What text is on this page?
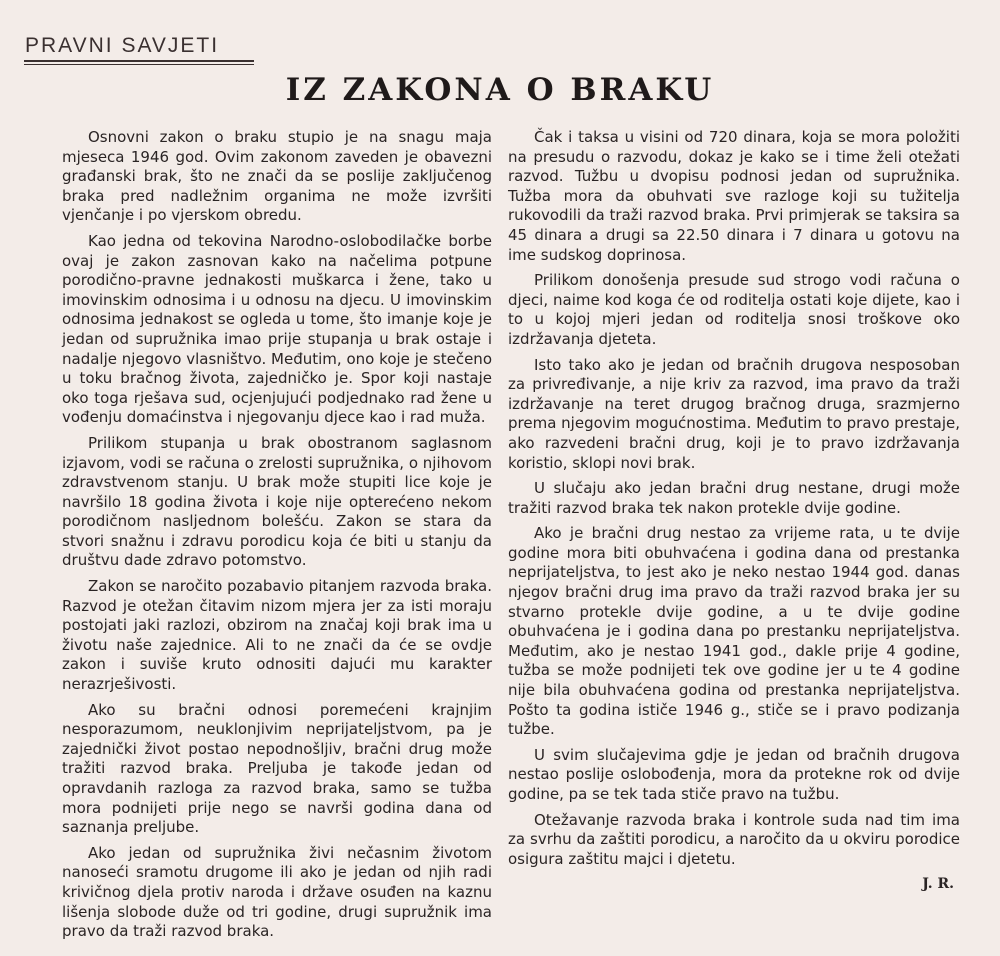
PRAVNI SAVJETI
IZ ZAKONA O BRAKU

Osnovni zakon o braku stupio je na snagu maja mjeseca 1946 god. Ovim zakonom zaveden je obavezni građanski brak, što ne znači da se poslije zaključenog braka pred nadležnim organima ne može izvršiti vjenčanje i po vjerskom obredu.

Kao jedna od tekovina Narodno-oslobodilačke borbe ovaj je zakon zasnovan kako na načelima potpune porodično-pravne jednakosti muškarca i žene, tako u imovinskim odnosima i u odnosu na djecu. U imovinskim odnosima jednakost se ogleda u tome, što imanje koje je jedan od supružnika imao prije stupanja u brak ostaje i nadalje njegovo vlasništvo. Međutim, ono koje je stečeno u toku bračnog života, zajedničko je. Spor koji nastaje oko toga rješava sud, ocjenjujući podjednako rad žene u vođenju domaćinstva i njegovanju djece kao i rad muža.

Prilikom stupanja u brak obostranom saglasnom izjavom, vodi se računa o zrelosti supružnika, o njihovom zdravstvenom stanju. U brak može stupiti lice koje je navršilo 18 godina života i koje nije opterećeno nekom porodičnom nasljednom bolešću. Zakon se stara da stvori snažnu i zdravu porodicu koja će biti u stanju da društvu dade zdravo potomstvo.

Zakon se naročito pozabavio pitanjem razvoda braka. Razvod je otežan čitavim nizom mjera jer za isti moraju postojati jaki razlozi, obzirom na značaj koji brak ima u životu naše zajednice. Ali to ne znači da će se ovdje zakon i suviše kruto odnositi dajući mu karakter nerazrješivosti.

Ako su bračni odnosi poremećeni krajnjim nesporazumom, neuklonjivim neprijateljstvom, pa je zajednički život postao nepodnošljiv, bračni drug može tražiti razvod braka. Preljuba je takođe jedan od opravdanih razloga za razvod braka, samo se tužba mora podnijeti prije nego se navrši godina dana od saznanja preljube.

Ako jedan od supružnika živi nečasnim životom nanoseći sramotu drugome ili ako je jedan od njih radi krivičnog djela protiv naroda i države osuđen na kaznu lišenja slobode duže od tri godine, drugi supružnik ima pravo da traži razvod braka.

Čak i taksa u visini od 720 dinara, koja se mora položiti na presudu o razvodu, dokaz je kako se i time želi otežati razvod. Tužbu u dvopisu podnosi jedan od supružnika. Tužba mora da obuhvati sve razloge koji su tužitelja rukovodili da traži razvod braka. Prvi primjerak se taksira sa 45 dinara a drugi sa 22.50 dinara i 7 dinara u gotovu na ime sudskog doprinosa.

Prilikom donošenja presude sud strogo vodi računa o djeci, naime kod koga će od roditelja ostati koje dijete, kao i to u kojoj mjeri jedan od roditelja snosi troškove oko izdržavanja djeteta.

Isto tako ako je jedan od bračnih drugova nesposoban za privređivanje, a nije kriv za razvod, ima pravo da traži izdržavanje na teret drugog bračnog druga, srazmjerno prema njegovim mogućnostima. Međutim to pravo prestaje, ako razvedeni bračni drug, koji je to pravo izdržavanja koristio, sklopi novi brak.

U slučaju ako jedan bračni drug nestane, drugi može tražiti razvod braka tek nakon protekle dvije godine.

Ako je bračni drug nestao za vrijeme rata, u te dvije godine mora biti obuhvaćena i godina dana od prestanka neprijateljstva, to jest ako je neko nestao 1944 god. danas njegov bračni drug ima pravo da traži razvod braka jer su stvarno protekle dvije godine, a u te dvije godine obuhvaćena je i godina dana po prestanku neprijateljstva. Međutim, ako je nestao 1941 god., dakle prije 4 godine, tužba se može podnijeti tek ove godine jer u te 4 godine nije bila obuhvaćena godina od prestanka neprijateljstva. Pošto ta godina ističe 1946 g., stiče se i pravo podizanja tužbe.

U svim slučajevima gdje je jedan od bračnih drugova nestao poslije oslobođenja, mora da protekne rok od dvije godine, pa se tek tada stiče pravo na tužbu.

Otežavanje razvoda braka i kontrole suda nad tim ima za svrhu da zaštiti porodicu, a naročito da u okviru porodice osigura zaštitu majci i djetetu.

J. R.
